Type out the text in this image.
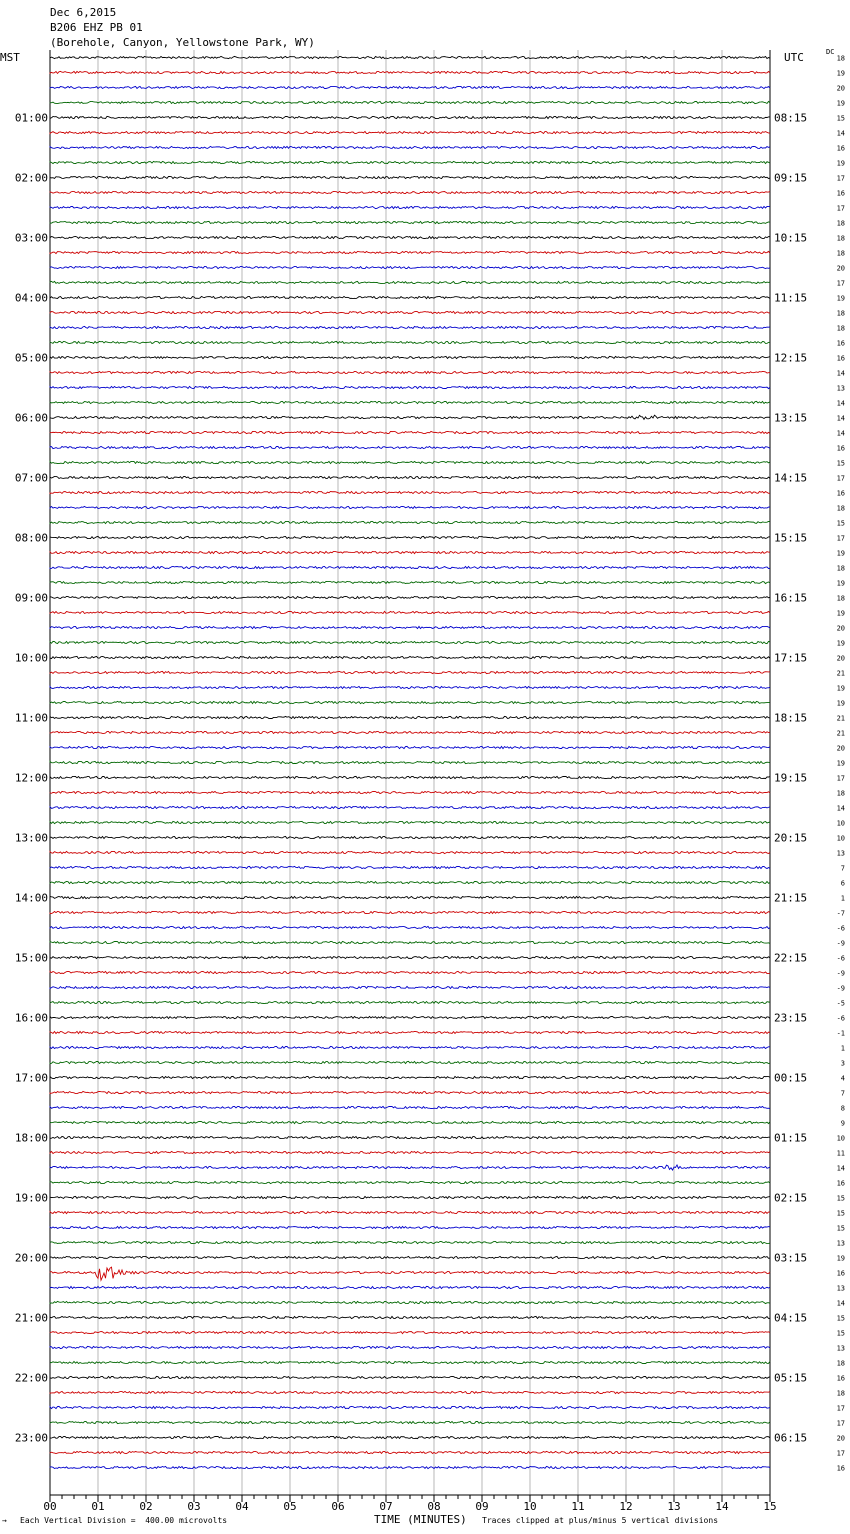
Dec 6,2015
B206 EHZ PB 01
(Borehole, Canyon, Yellowstone Park, WY)
MST	UTC	DC
18
19
20
19
15
14
16
19
17
16
17
18
18
18
20
17
19
18
18
16
16
14
13
14
14
14
16
15
17
16
18
15
17
19
18
19
18
19
20
19
20
21
19
19
21
21
20
19
17
18
14
10
10
13
7
6
1
-7
-6
-9
-6
-9
-9
-5
-6
-1
1
3
4
7
8
9
10
11
14
16
15
15
15
13
19
16
13
14
15
15
13
18
16
18
17
17
20
17
16
01:00
02:00
03:00
04:00
05:00
06:00
07:00
08:00
09:00
10:00
11:00
12:00
13:00
14:00
15:00
16:00
17:00
18:00
19:00
20:00
21:00
22:00
23:00
08:15
09:15
10:15
11:15
12:15
13:15
14:15
15:15
16:15
17:15
18:15
19:15
20:15
21:15
22:15
23:15
00:15
01:15
02:15
03:15
04:15
05:15
06:15
00	01	02	03	04	05	06	07	08	09	10	11	12	13	14	15
→ Each Vertical Division =  400.00 microvolts	TIME (MINUTES) Traces clipped at plus/minus 5 vertical divisions
